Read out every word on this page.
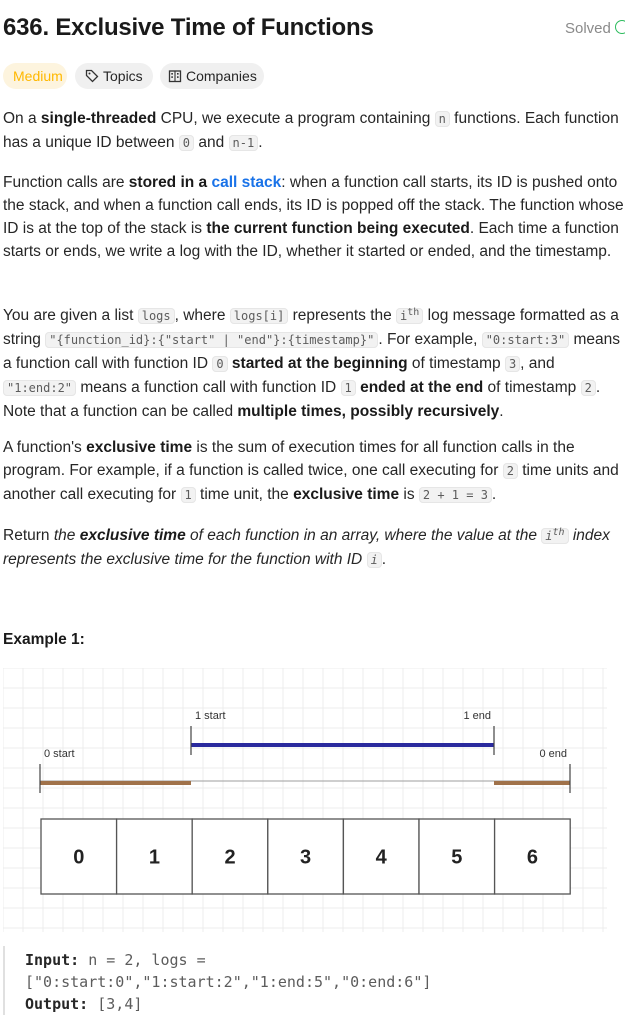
636. Exclusive Time of Functions	Solved
Medium	Topics	Companies
On a single-threaded CPU, we execute a program containing n functions. Each function has a unique ID between 0 and n-1 .
Function calls are stored in a call stack: when a function call starts, its ID is pushed onto the stack, and when a function call ends, its ID is popped off the stack. The function whose ID is at the top of the stack is the current function being executed. Each time a function starts or ends, we write a log with the ID, whether it started or ended, and the timestamp.
You are given a list logs , where logs[i] represents the $i^{th}$ log message formatted as a string "{function_id}:{"start" | "end"}:{timestamp}" . For example, "0:start:3" means a function call with function ID 0 started at the beginning of timestamp 3 , and "1:end:2" means a function call with function ID 1 ended at the end of timestamp 2 . Note that a function can be called multiple times, possibly recursively.
A function's exclusive time is the sum of execution times for all function calls in the program. For example, if a function is called twice, one call executing for 2 time units and another call executing for 1 time unit, the exclusive time is 2 + 1 = 3 .
Return the exclusive time of each function in an array, where the value at the $i^{th}$ index represents the exclusive time for the function with ID i .
Example 1:
1 start	1 end
0 start	0 end
0	1	2	3	4	5	6
Input: n = 2, logs =
["0:start:0","1:start:2","1:end:5","0:end:6"]
Output: [3,4]
